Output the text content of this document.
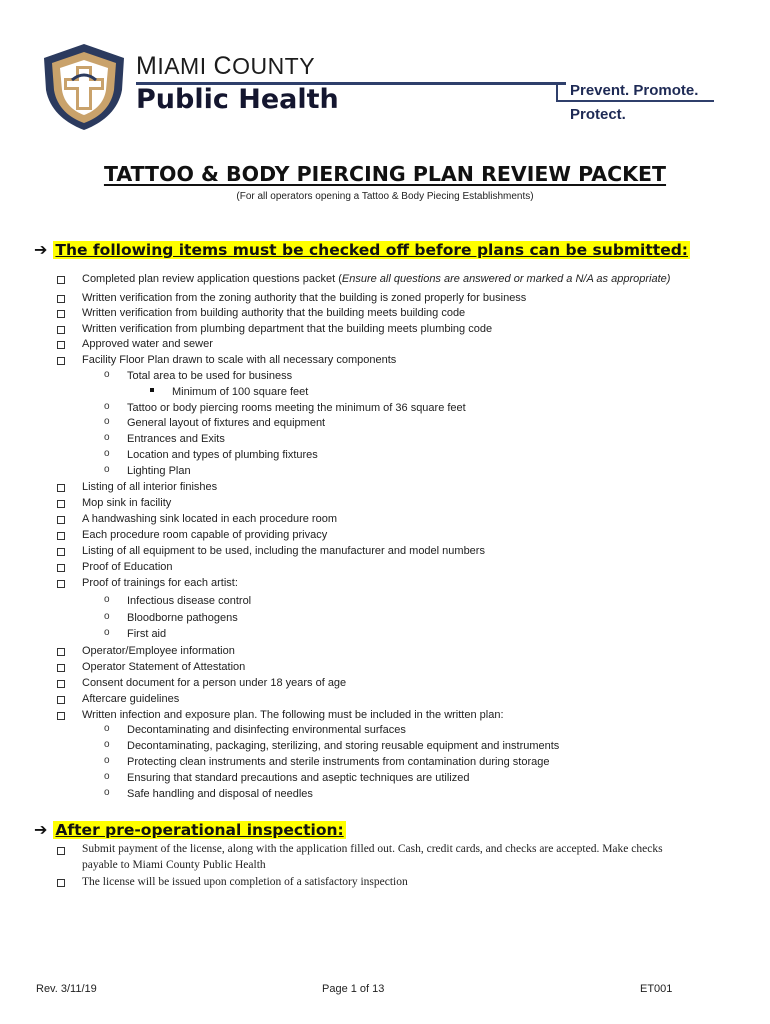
MIAMI COUNTY
Public Health	Prevent. Promote.
Protect.
TATTOO & BODY PIERCING PLAN REVIEW PACKET
(For all operators opening a Tattoo & Body Piecing Establishments)
➔ The following items must be checked off before plans can be submitted:
Completed plan review application questions packet (Ensure all questions are answered or marked a N/A as appropriate)
Written verification from the zoning authority that the building is zoned properly for business
Written verification from building authority that the building meets building code
Written verification from plumbing department that the building meets plumbing code
Approved water and sewer
Facility Floor Plan drawn to scale with all necessary components
o Total area to be used for business
Minimum of 100 square feet
o Tattoo or body piercing rooms meeting the minimum of 36 square feet
o General layout of fixtures and equipment
o Entrances and Exits
o Location and types of plumbing fixtures
o Lighting Plan
Listing of all interior finishes
Mop sink in facility
A handwashing sink located in each procedure room
Each procedure room capable of providing privacy
Listing of all equipment to be used, including the manufacturer and model numbers
Proof of Education
Proof of trainings for each artist:
o Infectious disease control
o Bloodborne pathogens
o First aid
Operator/Employee information
Operator Statement of Attestation
Consent document for a person under 18 years of age
Aftercare guidelines
Written infection and exposure plan. The following must be included in the written plan:
o Decontaminating and disinfecting environmental surfaces
o Decontaminating, packaging, sterilizing, and storing reusable equipment and instruments
o Protecting clean instruments and sterile instruments from contamination during storage
o Ensuring that standard precautions and aseptic techniques are utilized
o Safe handling and disposal of needles
➔ After pre-operational inspection:
Submit payment of the license, along with the application filled out. Cash, credit cards, and checks are accepted. Make checks
payable to Miami County Public Health
The license will be issued upon completion of a satisfactory inspection
Rev. 3/11/19	Page 1 of 13	ET001
